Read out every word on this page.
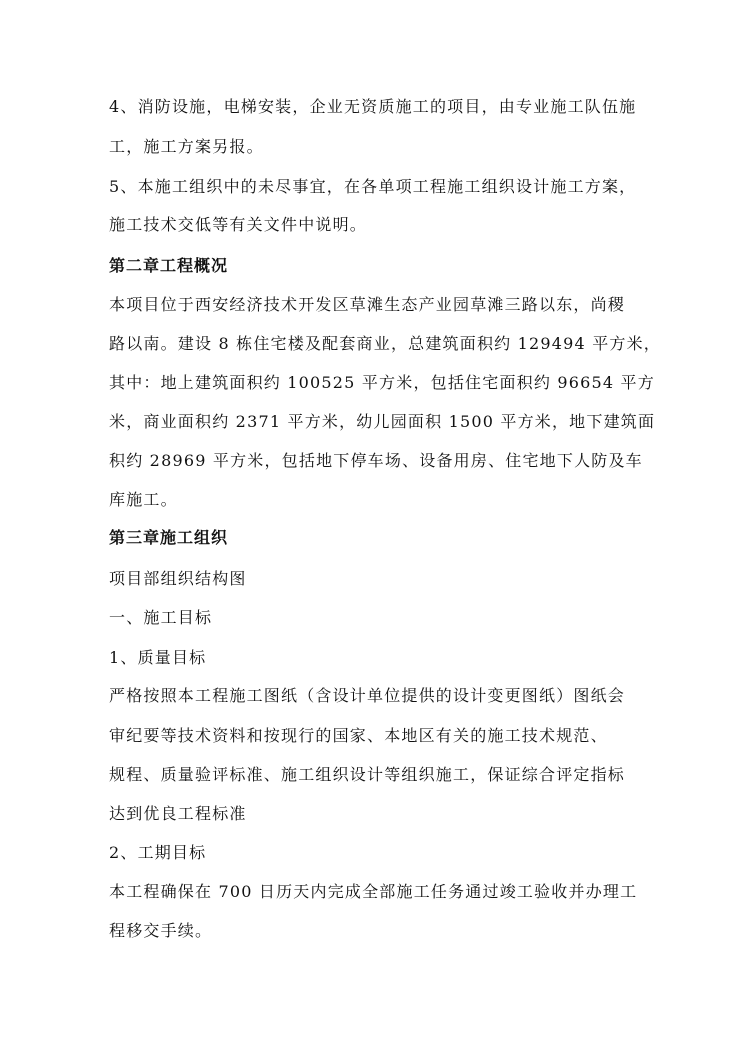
4、消防设施，电梯安装，企业无资质施工的项目，由专业施工队伍施
工，施工方案另报。
5、本施工组织中的未尽事宜，在各单项工程施工组织设计施工方案，
施工技术交低等有关文件中说明。
第二章工程概况
本项目位于西安经济技术开发区草滩生态产业园草滩三路以东，尚稷
路以南。建设 8 栋住宅楼及配套商业，总建筑面积约 129494 平方米，
其中：地上建筑面积约 100525 平方米，包括住宅面积约 96654 平方
米，商业面积约 2371 平方米，幼儿园面积 1500 平方米，地下建筑面
积约 28969 平方米，包括地下停车场、设备用房、住宅地下人防及车
库施工。
第三章施工组织
项目部组织结构图
一、施工目标
1、质量目标
严格按照本工程施工图纸（含设计单位提供的设计变更图纸）图纸会
审纪要等技术资料和按现行的国家、本地区有关的施工技术规范、
规程、质量验评标准、施工组织设计等组织施工，保证综合评定指标
达到优良工程标准
2、工期目标
本工程确保在 700 日历天内完成全部施工任务通过竣工验收并办理工
程移交手续。
